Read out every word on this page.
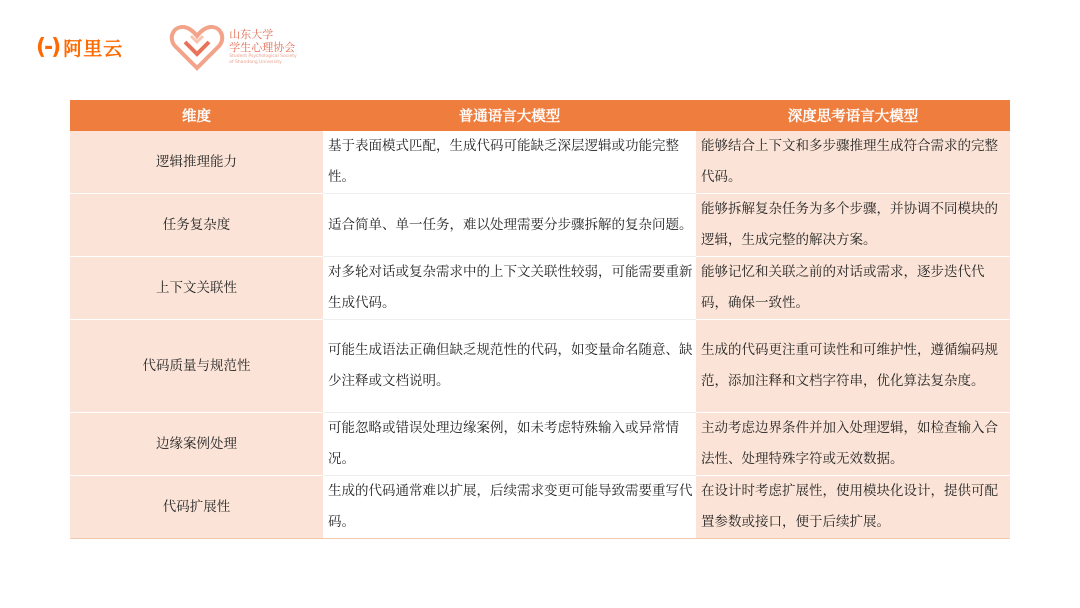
(-) 阿里云
山东大学
学生心理协会
Student Psychological Society
of Shandong University
维度	普通语言大模型	深度思考语言大模型
逻辑推理能力	基于表面模式匹配，生成代码可能缺乏深层逻辑或功能完整性。	能够结合上下文和多步骤推理生成符合需求的完整代码。
任务复杂度	适合简单、单一任务，难以处理需要分步骤拆解的复杂问题。	能够拆解复杂任务为多个步骤，并协调不同模块的逻辑，生成完整的解决方案。
上下文关联性	对多轮对话或复杂需求中的上下文关联性较弱，可能需要重新生成代码。	能够记忆和关联之前的对话或需求，逐步迭代代码，确保一致性。
代码质量与规范性	可能生成语法正确但缺乏规范性的代码，如变量命名随意、缺少注释或文档说明。	生成的代码更注重可读性和可维护性，遵循编码规范，添加注释和文档字符串，优化算法复杂度。
边缘案例处理	可能忽略或错误处理边缘案例，如未考虑特殊输入或异常情况。	主动考虑边界条件并加入处理逻辑，如检查输入合法性、处理特殊字符或无效数据。
代码扩展性	生成的代码通常难以扩展，后续需求变更可能导致需要重写代码。	在设计时考虑扩展性，使用模块化设计，提供可配置参数或接口，便于后续扩展。
